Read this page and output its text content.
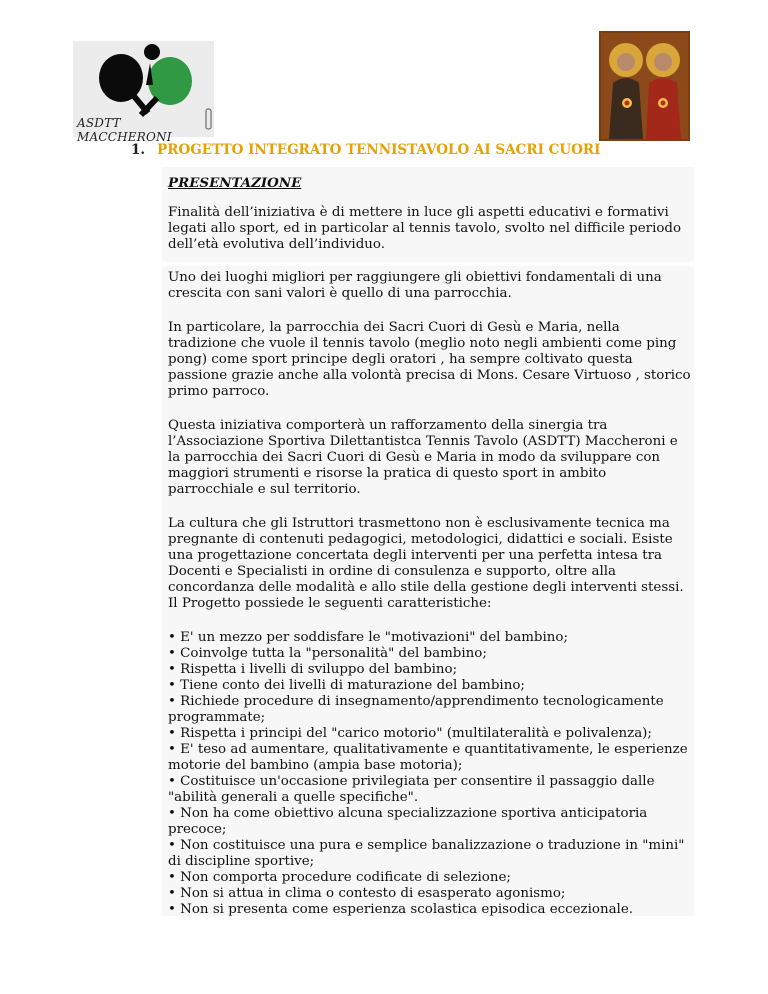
ASDTT MACCHERONI
1. PROGETTO INTEGRATO TENNISTAVOLO AI SACRI CUORI
PRESENTAZIONE
Finalità dell’iniziativa è di mettere in luce gli aspetti educativi e formativi legati allo sport, ed in particolar al tennis tavolo, svolto nel difficile periodo dell’età evolutiva dell’individuo.
Uno dei luoghi migliori per raggiungere gli obiettivi fondamentali di una crescita con sani valori è quello di una parrocchia.
In particolare, la parrocchia dei Sacri Cuori di Gesù e Maria, nella tradizione che vuole il tennis tavolo (meglio noto negli ambienti come ping pong) come sport principe degli oratori , ha sempre coltivato questa passione grazie anche alla volontà precisa di Mons. Cesare Virtuoso , storico primo parroco.
Questa iniziativa comporterà un rafforzamento della sinergia tra l’Associazione Sportiva Dilettantistca Tennis Tavolo (ASDTT) Maccheroni e la parrocchia dei Sacri Cuori di Gesù e Maria in modo da sviluppare con maggiori strumenti e risorse la pratica di questo sport in ambito parrocchiale e sul territorio.
La cultura che gli Istruttori trasmettono non è esclusivamente tecnica ma pregnante di contenuti pedagogici, metodologici, didattici e sociali. Esiste una progettazione concertata degli interventi per una perfetta intesa tra Docenti e Specialisti in ordine di consulenza e supporto, oltre alla concordanza delle modalità e allo stile della gestione degli interventi stessi.
Il Progetto possiede le seguenti caratteristiche:
• E' un mezzo per soddisfare le "motivazioni" del bambino;
• Coinvolge tutta la "personalità" del bambino;
• Rispetta i livelli di sviluppo del bambino;
• Tiene conto dei livelli di maturazione del bambino;
• Richiede procedure di insegnamento/apprendimento tecnologicamente programmate;
• Rispetta i principi del "carico motorio" (multilateralità e polivalenza);
• E' teso ad aumentare, qualitativamente e quantitativamente, le esperienze motorie del bambino (ampia base motoria);
• Costituisce un'occasione privilegiata per consentire il passaggio dalle "abilità generali a quelle specifiche".
• Non ha come obiettivo alcuna specializzazione sportiva anticipatoria precoce;
• Non costituisce una pura e semplice banalizzazione o traduzione in "mini" di discipline sportive;
• Non comporta procedure codificate di selezione;
• Non si attua in clima o contesto di esasperato agonismo;
• Non si presenta come esperienza scolastica episodica eccezionale.
